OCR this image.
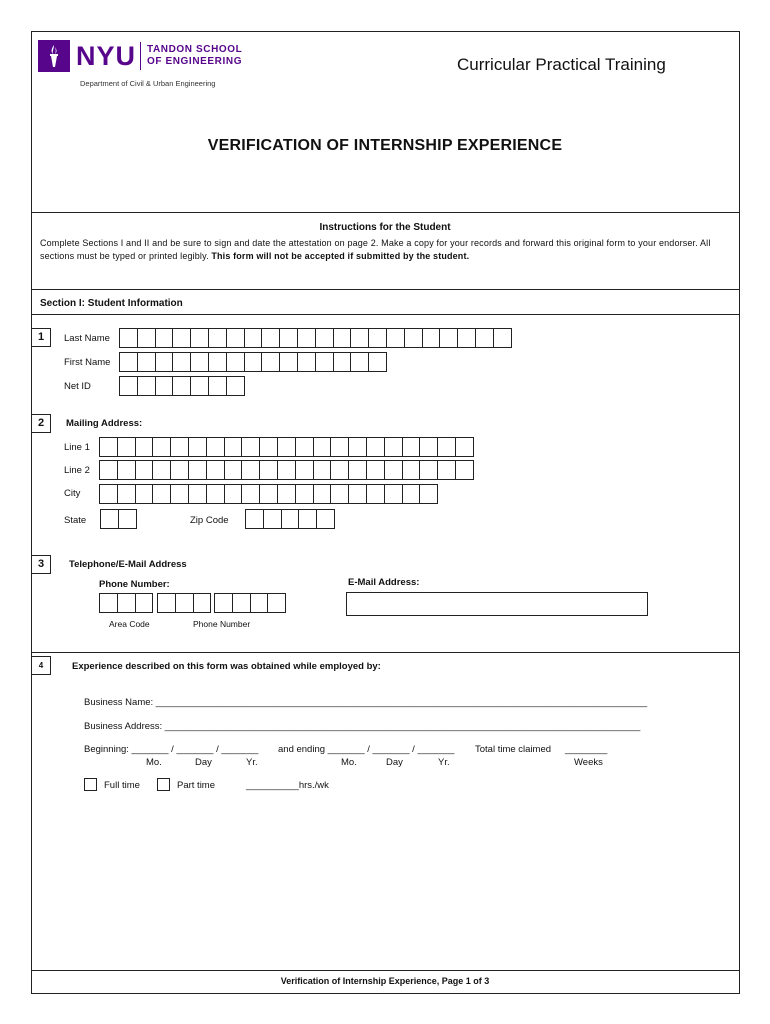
NYU TANDON SCHOOL
OF ENGINEERING
Department of Civil & Urban Engineering
Curricular Practical Training
VERIFICATION OF INTERNSHIP EXPERIENCE
Instructions for the Student
Complete Sections I and II and be sure to sign and date the attestation on page 2. Make a copy for your records and forward this original form to your endorser. All sections must be typed or printed legibly. This form will not be accepted if submitted by the student.
Section I: Student Information
1	Last Name
First Name
Net ID
2	Mailing Address:
Line 1
Line 2
City
State	Zip Code
3	Telephone/E-Mail Address
Phone Number:	E-Mail Address:
Area Code	Phone Number
4	Experience described on this form was obtained while employed by:
Business Name: _____________________________________________________________________________________________
Business Address: __________________________________________________________________________________________
Beginning: _______ / _______ / _______ and ending _______ / _______ / _______ Total time claimed ________
Mo.	Day	Yr.	Mo.	Day	Yr.	Weeks
Full time	Part time	__________hrs./wk
Verification of Internship Experience, Page 1 of 3
